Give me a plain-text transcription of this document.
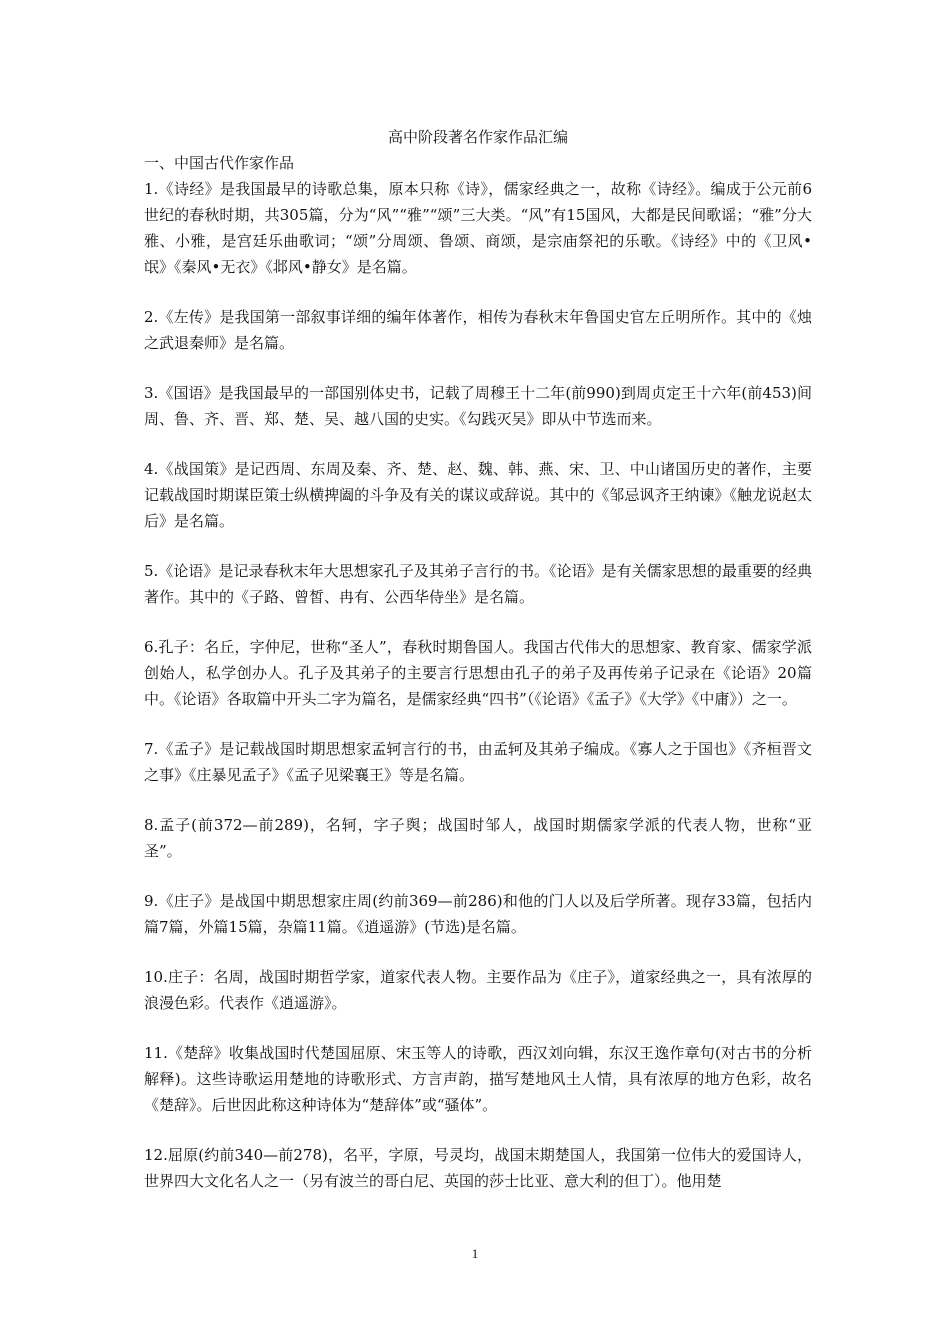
高中阶段著名作家作品汇编

一、中国古代作家作品

1.《诗经》是我国最早的诗歌总集，原本只称《诗》，儒家经典之一，故称《诗经》。编成于公元前6世纪的春秋时期，共305篇，分为“风”“雅”“颂”三大类。“风”有15国风，大都是民间歌谣；“雅”分大雅、小雅，是宫廷乐曲歌词；“颂”分周颂、鲁颂、商颂，是宗庙祭祀的乐歌。《诗经》中的《卫风•氓》《秦风•无衣》《邶风•静女》是名篇。

2.《左传》是我国第一部叙事详细的编年体著作，相传为春秋末年鲁国史官左丘明所作。其中的《烛之武退秦师》是名篇。

3.《国语》是我国最早的一部国别体史书，记载了周穆王十二年(前990)到周贞定王十六年(前453)间周、鲁、齐、晋、郑、楚、吴、越八国的史实。《勾践灭吴》即从中节选而来。

4.《战国策》是记西周、东周及秦、齐、楚、赵、魏、韩、燕、宋、卫、中山诸国历史的著作，主要记载战国时期谋臣策士纵横捭阖的斗争及有关的谋议或辞说。其中的《邹忌讽齐王纳谏》《触龙说赵太后》是名篇。

5.《论语》是记录春秋末年大思想家孔子及其弟子言行的书。《论语》是有关儒家思想的最重要的经典著作。其中的《子路、曾皙、冉有、公西华侍坐》是名篇。

6.孔子：名丘，字仲尼，世称“圣人”，春秋时期鲁国人。我国古代伟大的思想家、教育家、儒家学派创始人，私学创办人。孔子及其弟子的主要言行思想由孔子的弟子及再传弟子记录在《论语》20篇中。《论语》各取篇中开头二字为篇名，是儒家经典“四书”（《论语》《孟子》《大学》《中庸》）之一。

7.《孟子》是记载战国时期思想家孟轲言行的书，由孟轲及其弟子编成。《寡人之于国也》《齐桓晋文之事》《庄暴见孟子》《孟子见梁襄王》等是名篇。

8.孟子(前372—前289)，名轲，字子舆；战国时邹人，战国时期儒家学派的代表人物，世称“亚圣”。

9.《庄子》是战国中期思想家庄周(约前369—前286)和他的门人以及后学所著。现存33篇，包括内篇7篇，外篇15篇，杂篇11篇。《逍遥游》(节选)是名篇。

10.庄子：名周，战国时期哲学家，道家代表人物。主要作品为《庄子》，道家经典之一，具有浓厚的浪漫色彩。代表作《逍遥游》。

11.《楚辞》收集战国时代楚国屈原、宋玉等人的诗歌，西汉刘向辑，东汉王逸作章句(对古书的分析解释)。这些诗歌运用楚地的诗歌形式、方言声韵，描写楚地风土人情，具有浓厚的地方色彩，故名《楚辞》。后世因此称这种诗体为“楚辞体”或“骚体”。

12.屈原(约前340—前278)，名平，字原，号灵均，战国末期楚国人，我国第一位伟大的爱国诗人，世界四大文化名人之一（另有波兰的哥白尼、英国的莎士比亚、意大利的但丁）。他用楚

1
